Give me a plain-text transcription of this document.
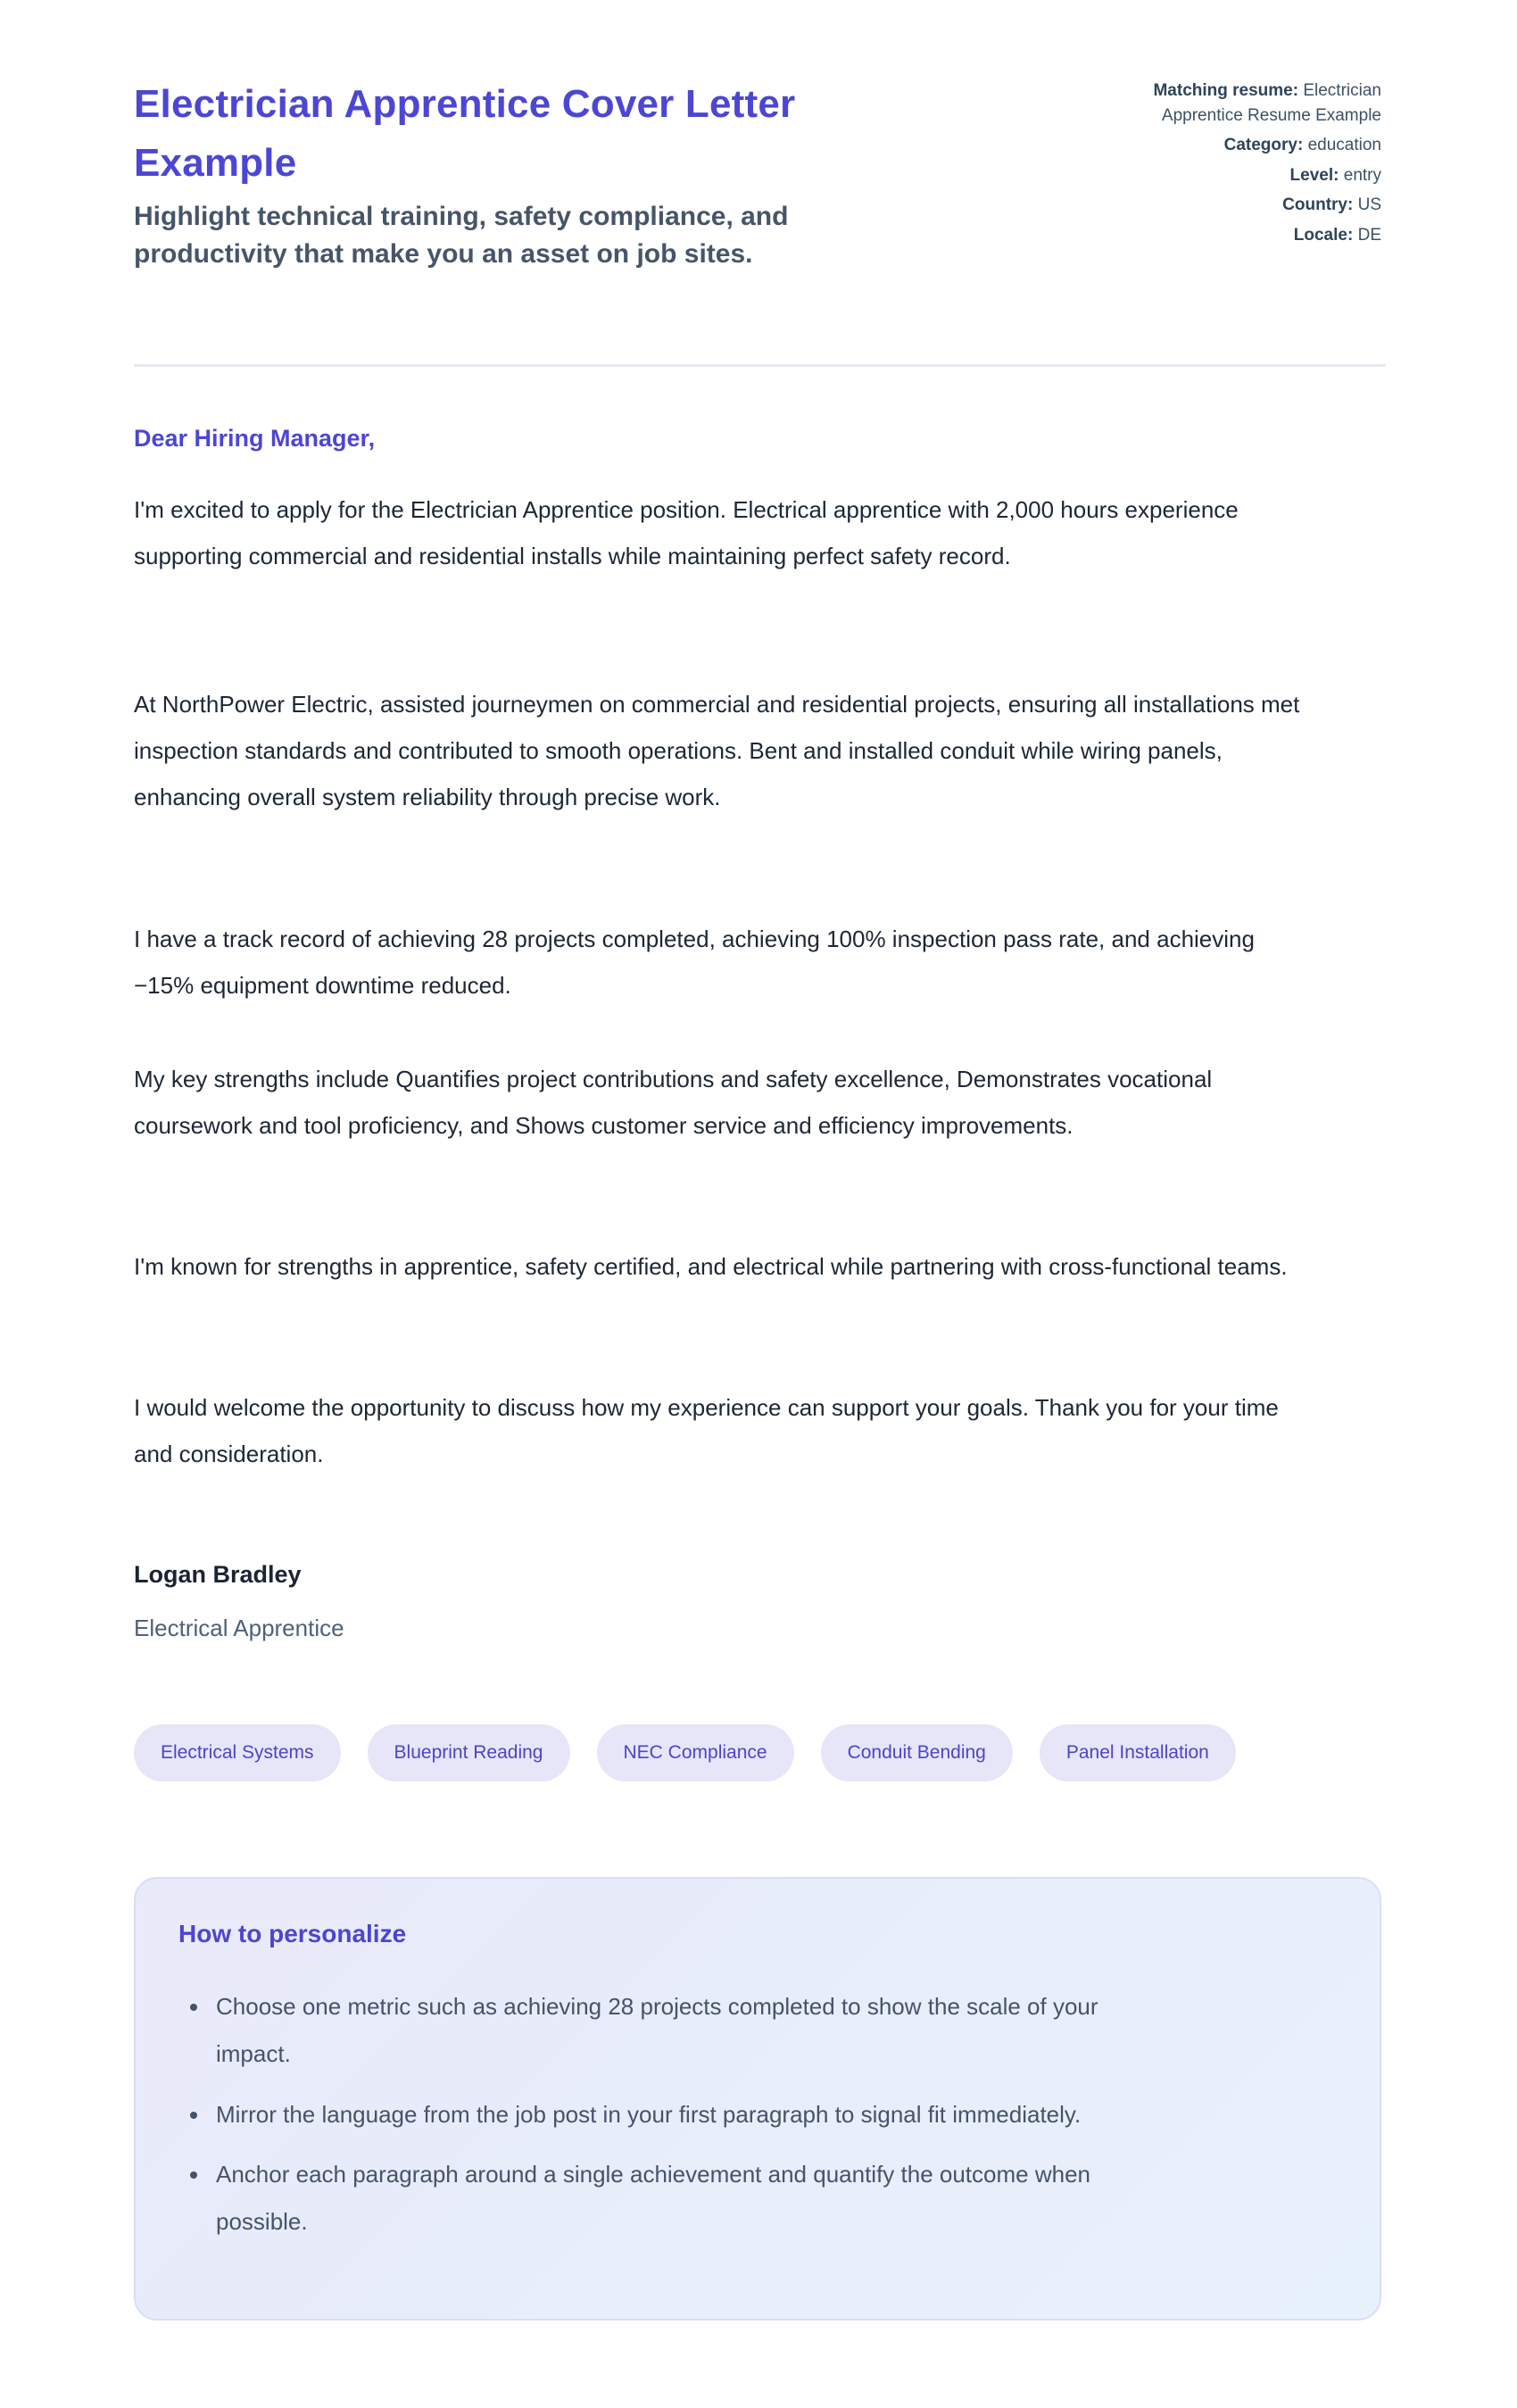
Electrician Apprentice Cover Letter Example

Highlight technical training, safety compliance, and productivity that make you an asset on job sites.

Matching resume: Electrician Apprentice Resume Example
Category: education
Level: entry
Country: US
Locale: DE
Dear Hiring Manager,

I'm excited to apply for the Electrician Apprentice position. Electrical apprentice with 2,000 hours experience supporting commercial and residential installs while maintaining perfect safety record.

At NorthPower Electric, assisted journeymen on commercial and residential projects, ensuring all installations met inspection standards and contributed to smooth operations. Bent and installed conduit while wiring panels, enhancing overall system reliability through precise work.

I have a track record of achieving 28 projects completed, achieving 100% inspection pass rate, and achieving −15% equipment downtime reduced.

My key strengths include Quantifies project contributions and safety excellence, Demonstrates vocational coursework and tool proficiency, and Shows customer service and efficiency improvements.

I'm known for strengths in apprentice, safety certified, and electrical while partnering with cross-functional teams.

I would welcome the opportunity to discuss how my experience can support your goals. Thank you for your time and consideration.

Logan Bradley

Electrical Apprentice

Electrical Systems	Blueprint Reading	NEC Compliance	Conduit Bending	Panel Installation
How to personalize
• Choose one metric such as achieving 28 projects completed to show the scale of your impact.
• Mirror the language from the job post in your first paragraph to signal fit immediately.
• Anchor each paragraph around a single achievement and quantify the outcome when possible.
